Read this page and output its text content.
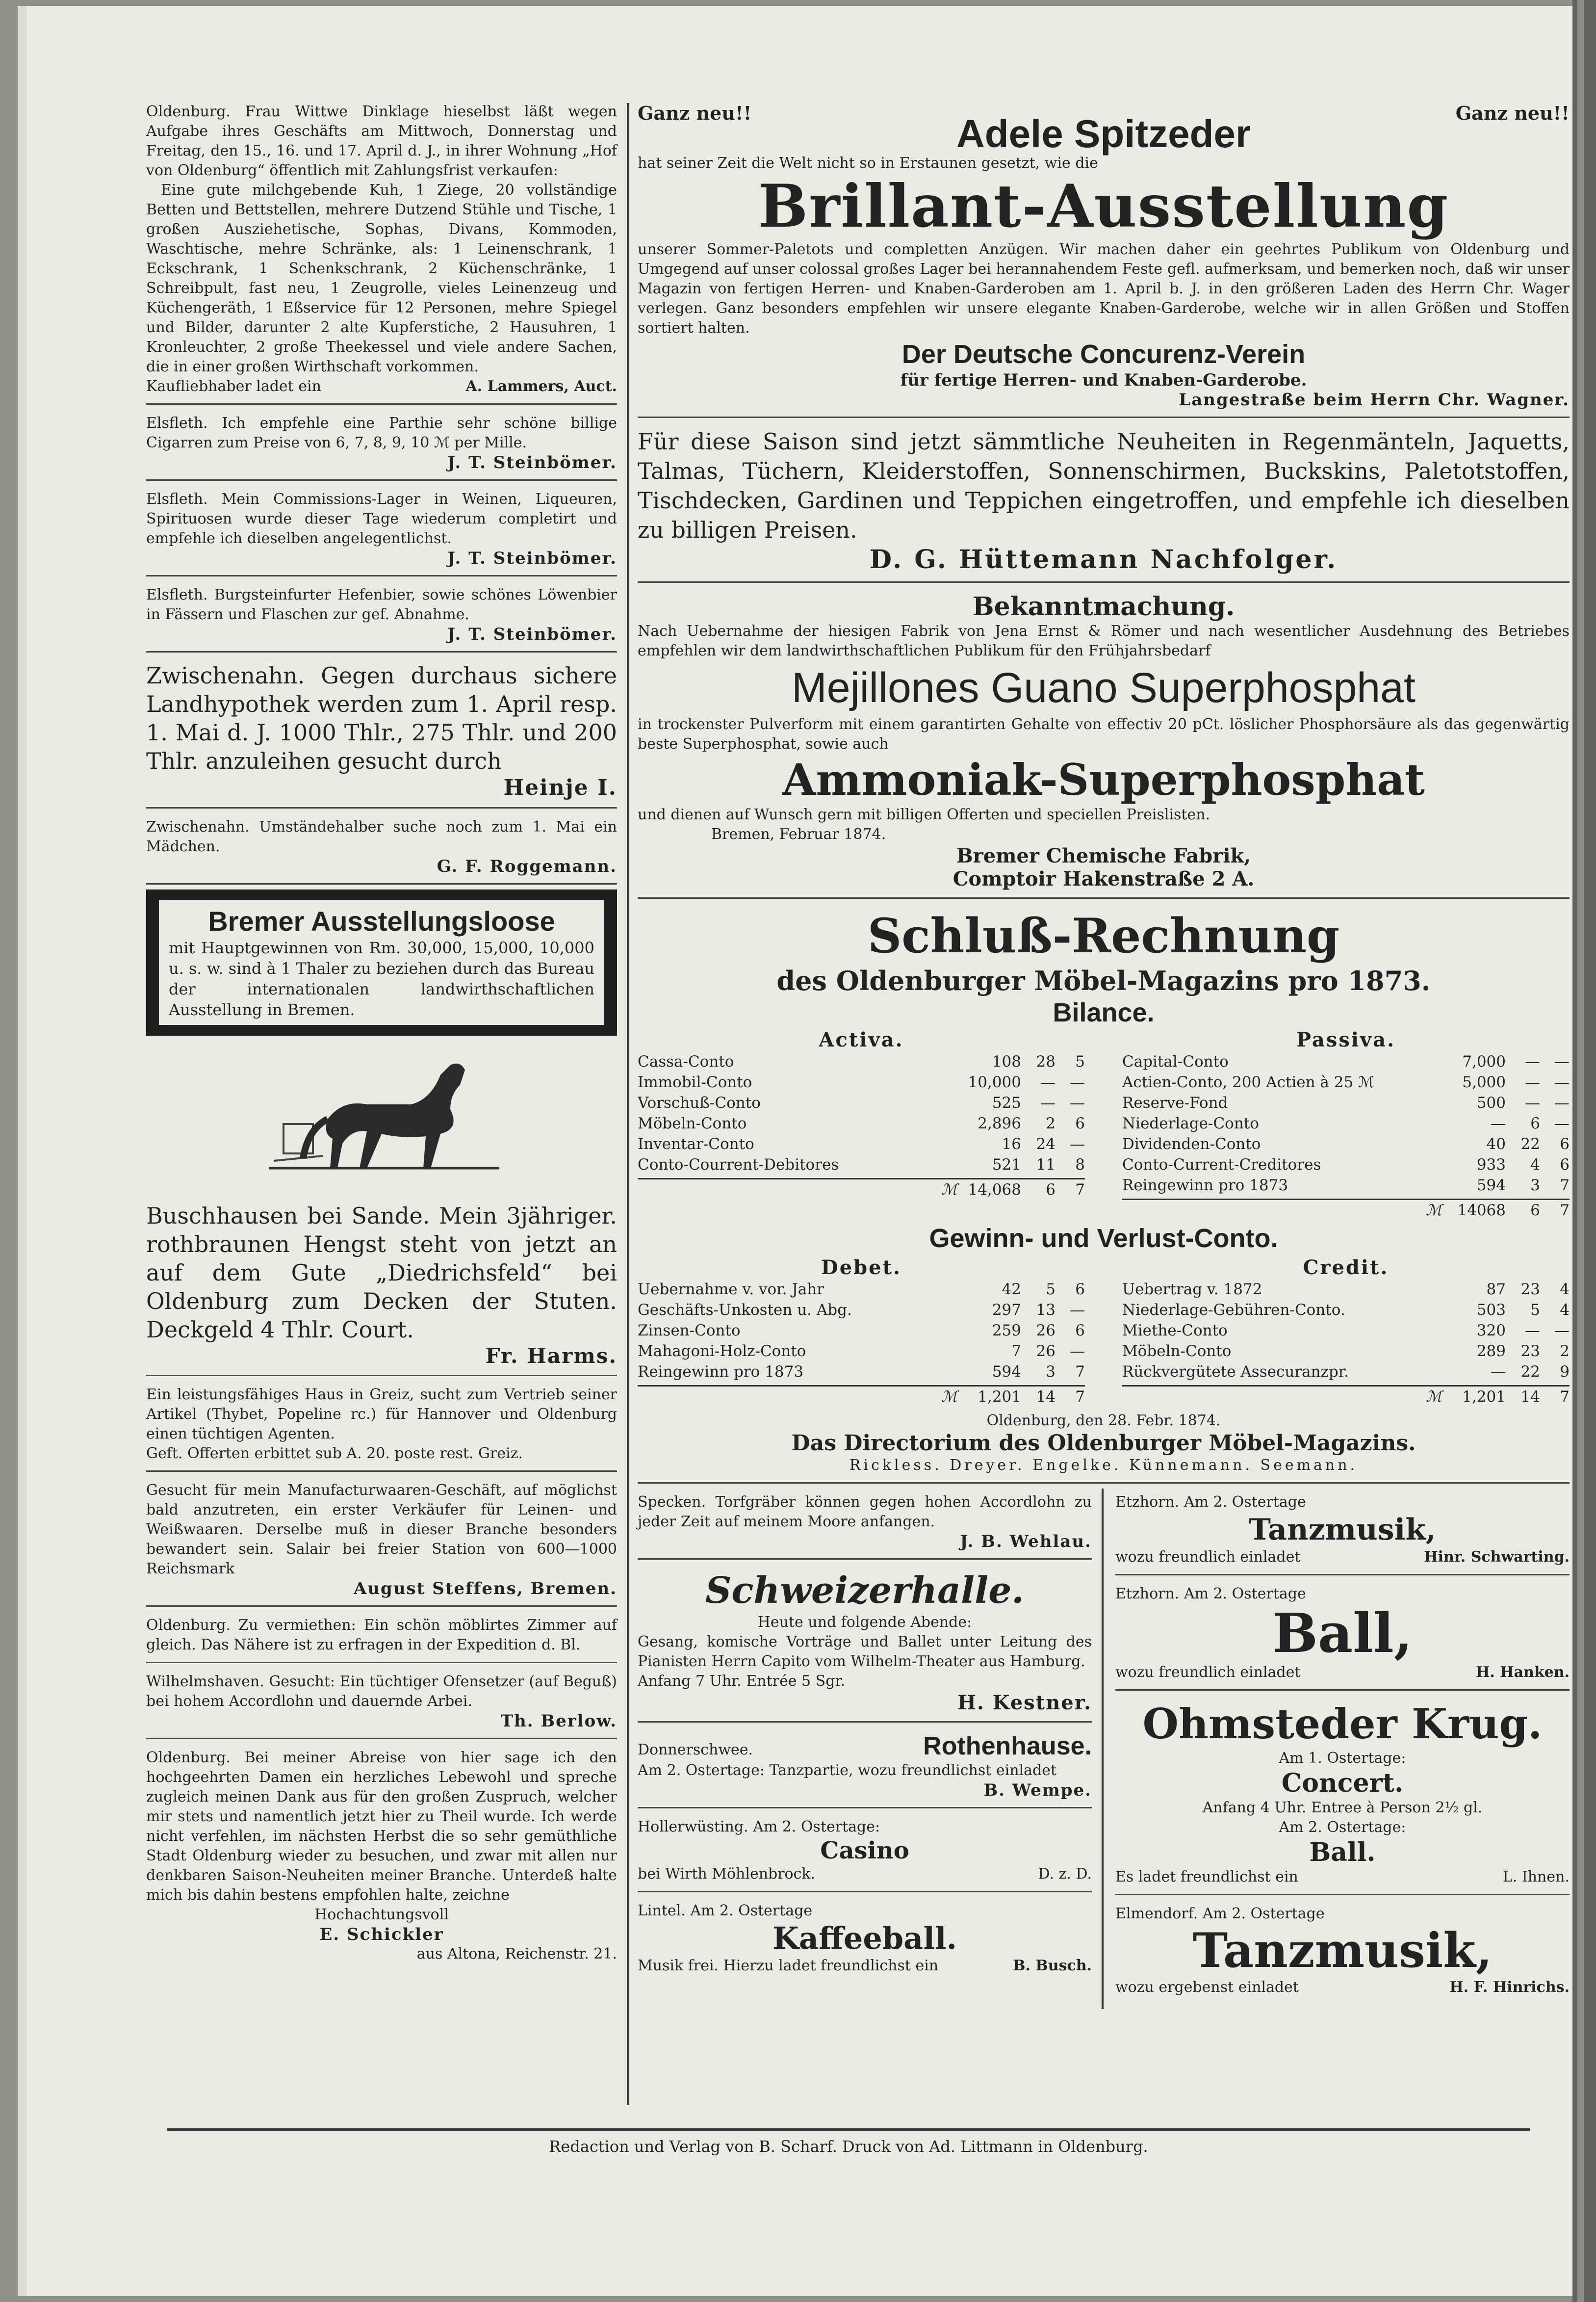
Oldenburg. Frau Wittwe Dinklage hieselbst läßt wegen Aufgabe ihres Geschäfts am Mittwoch, Donnerstag und Freitag, den 15., 16. und 17. April d. J., in ihrer Wohnung „Hof von Oldenburg“ öffentlich mit Zahlungsfrist verkaufen:

Eine gute milchgebende Kuh, 1 Ziege, 20 vollständige Betten und Bettstellen, mehrere Dutzend Stühle und Tische, 1 großen Ausziehetische, Sophas, Divans, Kommoden, Waschtische, mehre Schränke, als: 1 Leinenschrank, 1 Eckschrank, 1 Schenkschrank, 2 Küchenschränke, 1 Schreibpult, fast neu, 1 Zeugrolle, vieles Leinenzeug und Küchengeräth, 1 Eßservice für 12 Personen, mehre Spiegel und Bilder, darunter 2 alte Kupferstiche, 2 Hausuhren, 1 Kronleuchter, 2 große Theekessel und viele andere Sachen, die in einer großen Wirthschaft vorkommen.

Kaufliebhaber ladet ein	A. Lammers, Auct.

Elsfleth. Ich empfehle eine Parthie sehr schöne billige Cigarren zum Preise von 6, 7, 8, 9, 10 ℳ per Mille.

J. T. Steinbömer.

Elsfleth. Mein Commissions-Lager in Weinen, Liqueuren, Spirituosen wurde dieser Tage wiederum completirt und empfehle ich dieselben angelegentlichst.

J. T. Steinbömer.

Elsfleth. Burgsteinfurter Hefenbier, sowie schönes Löwenbier in Fässern und Flaschen zur gef. Abnahme.

J. T. Steinbömer.

Zwischenahn. Gegen durchaus sichere Landhypothek werden zum 1. April resp. 1. Mai d. J. 1000 Thlr., 275 Thlr. und 200 Thlr. anzuleihen gesucht durch

Heinje I.

Zwischenahn. Umständehalber suche noch zum 1. Mai ein Mädchen.

G. F. Roggemann.
Bremer Ausstellungsloose

mit Hauptgewinnen von Rm. 30,000, 15,000, 10,000 u. s. w. sind à 1 Thaler zu beziehen durch das Bureau der internationalen landwirthschaftlichen Ausstellung in Bremen.

Buschhausen bei Sande. Mein 3jähriger. rothbraunen Hengst steht von jetzt an auf dem Gute „Diedrichsfeld“ bei Oldenburg zum Decken der Stuten. Deckgeld 4 Thlr. Court.

Fr. Harms.

Ein leistungsfähiges Haus in Greiz, sucht zum Vertrieb seiner Artikel (Thybet, Popeline rc.) für Hannover und Oldenburg einen tüchtigen Agenten.

Geft. Offerten erbittet sub A. 20. poste rest. Greiz.

Gesucht für mein Manufacturwaaren-Geschäft, auf möglichst bald anzutreten, ein erster Verkäufer für Leinen- und Weißwaaren. Derselbe muß in dieser Branche besonders bewandert sein. Salair bei freier Station von 600—1000 Reichsmark

August Steffens, Bremen.

Oldenburg. Zu vermiethen: Ein schön möblirtes Zimmer auf gleich. Das Nähere ist zu erfragen in der Expedition d. Bl.

Wilhelmshaven. Gesucht: Ein tüchtiger Ofensetzer (auf Beguß) bei hohem Accordlohn und dauernde Arbei.

Th. Berlow.

Oldenburg. Bei meiner Abreise von hier sage ich den hochgeehrten Damen ein herzliches Lebewohl und spreche zugleich meinen Dank aus für den großen Zuspruch, welcher mir stets und namentlich jetzt hier zu Theil wurde. Ich werde nicht verfehlen, im nächsten Herbst die so sehr gemüthliche Stadt Oldenburg wieder zu besuchen, und zwar mit allen nur denkbaren Saison-Neuheiten meiner Branche. Unterdeß halte mich bis dahin bestens empfohlen halte, zeichne

Hochachtungsvoll
E. Schickler
aus Altona, Reichenstr. 21.
Ganz neu!!	Ganz neu!!
Adele Spitzeder
hat seiner Zeit die Welt nicht so in Erstaunen gesetzt, wie die
Brillant-Ausstellung

unserer Sommer-Paletots und completten Anzügen. Wir machen daher ein geehrtes Publikum von Oldenburg und Umgegend auf unser colossal großes Lager bei herannahendem Feste gefl. aufmerksam, und bemerken noch, daß wir unser Magazin von fertigen Herren- und Knaben-Garderoben am 1. April b. J. in den größeren Laden des Herrn Chr. Wager verlegen. Ganz besonders empfehlen wir unsere elegante Knaben-Garderobe, welche wir in allen Größen und Stoffen sortiert halten.

Der Deutsche Concurenz-Verein
für fertige Herren- und Knaben-Garderobe.
Langestraße beim Herrn Chr. Wagner.

Für diese Saison sind jetzt sämmtliche Neuheiten in Regenmänteln, Jaquetts, Talmas, Tüchern, Kleiderstoffen, Sonnenschirmen, Buckskins, Paletotstoffen, Tischdecken, Gardinen und Teppichen eingetroffen, und empfehle ich dieselben zu billigen Preisen.

D. G. Hüttemann Nachfolger.
Bekanntmachung.

Nach Uebernahme der hiesigen Fabrik von Jena Ernst & Römer und nach wesentlicher Ausdehnung des Betriebes empfehlen wir dem landwirthschaftlichen Publikum für den Frühjahrsbedarf

Mejillones Guano Superphosphat

in trockenster Pulverform mit einem garantirten Gehalte von effectiv 20 pCt. löslicher Phosphorsäure als das gegenwärtig beste Superphosphat, sowie auch

Ammoniak-Superphosphat

und dienen auf Wunsch gern mit billigen Offerten und speciellen Preislisten.

Bremen, Februar 1874.

Bremer Chemische Fabrik,
Comptoir Hakenstraße 2 A.
Schluß-Rechnung
des Oldenburger Möbel-Magazins pro 1873.
Bilance.
Activa.
Cassa-Conto	108 28	5
Immobil-Conto	10,000	— —
Vorschuß-Conto	525	— —
Möbeln-Conto	2,896	2	6
Inventar-Conto	16 24 —
Conto-Courrent-Debitores	521 11	8
ℳ 14,068	6	7
Passiva.
Capital-Conto	7,000	— —
Actien-Conto, 200 Actien à 25 ℳ	5,000	— —
Reserve-Fond	500	— —
Niederlage-Conto	—	6 —
Dividenden-Conto	40 22	6
Conto-Current-Creditores	933	4	6
Reingewinn pro 1873	594	3	7
ℳ	14068	6	7
Gewinn- und Verlust-Conto.
Debet.
Uebernahme v. vor. Jahr	42	5	6
Geschäfts-Unkosten u. Abg.	297 13 —
Zinsen-Conto	259 26	6
Mahagoni-Holz-Conto	7 26 —
Reingewinn pro 1873	594	3	7
ℳ	1,201 14	7
Credit.
Uebertrag v. 1872	87 23	4
Niederlage-Gebühren-Conto.	503	5	4
Miethe-Conto	320	— —
Möbeln-Conto	289 23	2
Rückvergütete Assecuranzpr.	— 22	9
ℳ	1,201 14	7
Oldenburg, den 28. Febr. 1874.
Das Directorium des Oldenburger Möbel-Magazins.
Rickless. Dreyer. Engelke. Künnemann. Seemann.

Specken. Torfgräber können gegen hohen Accordlohn zu jeder Zeit auf meinem Moore anfangen.

J. B. Wehlau.
Schweizerhalle.
Heute und folgende Abende:

Gesang, komische Vorträge und Ballet unter Leitung des Pianisten Herrn Capito vom Wilhelm-Theater aus Hamburg.

Anfang 7 Uhr. Entrée 5 Sgr.
H. Kestner.
Donnerschwee.	Rothenhause.

Am 2. Ostertage: Tanzpartie, wozu freundlichst einladet

B. Wempe.
Hollerwüsting. Am 2. Ostertage:
Casino
bei Wirth Möhlenbrock.	D. z. D.
Lintel. Am 2. Ostertage
Kaffeeball.
Musik frei. Hierzu ladet freundlichst ein	B. Busch.
Etzhorn. Am 2. Ostertage
Tanzmusik,
wozu freundlich einladet	Hinr. Schwarting.
Etzhorn. Am 2. Ostertage
Ball,
wozu freundlich einladet	H. Hanken.
Ohmsteder Krug.
Am 1. Ostertage:
Concert.
Anfang 4 Uhr. Entree à Person 2½ gl.
Am 2. Ostertage:
Ball.
Es ladet freundlichst ein	L. Ihnen.
Elmendorf. Am 2. Ostertage
Tanzmusik,
wozu ergebenst einladet	H. F. Hinrichs.
Redaction und Verlag von B. Scharf. Druck von Ad. Littmann in Oldenburg.
